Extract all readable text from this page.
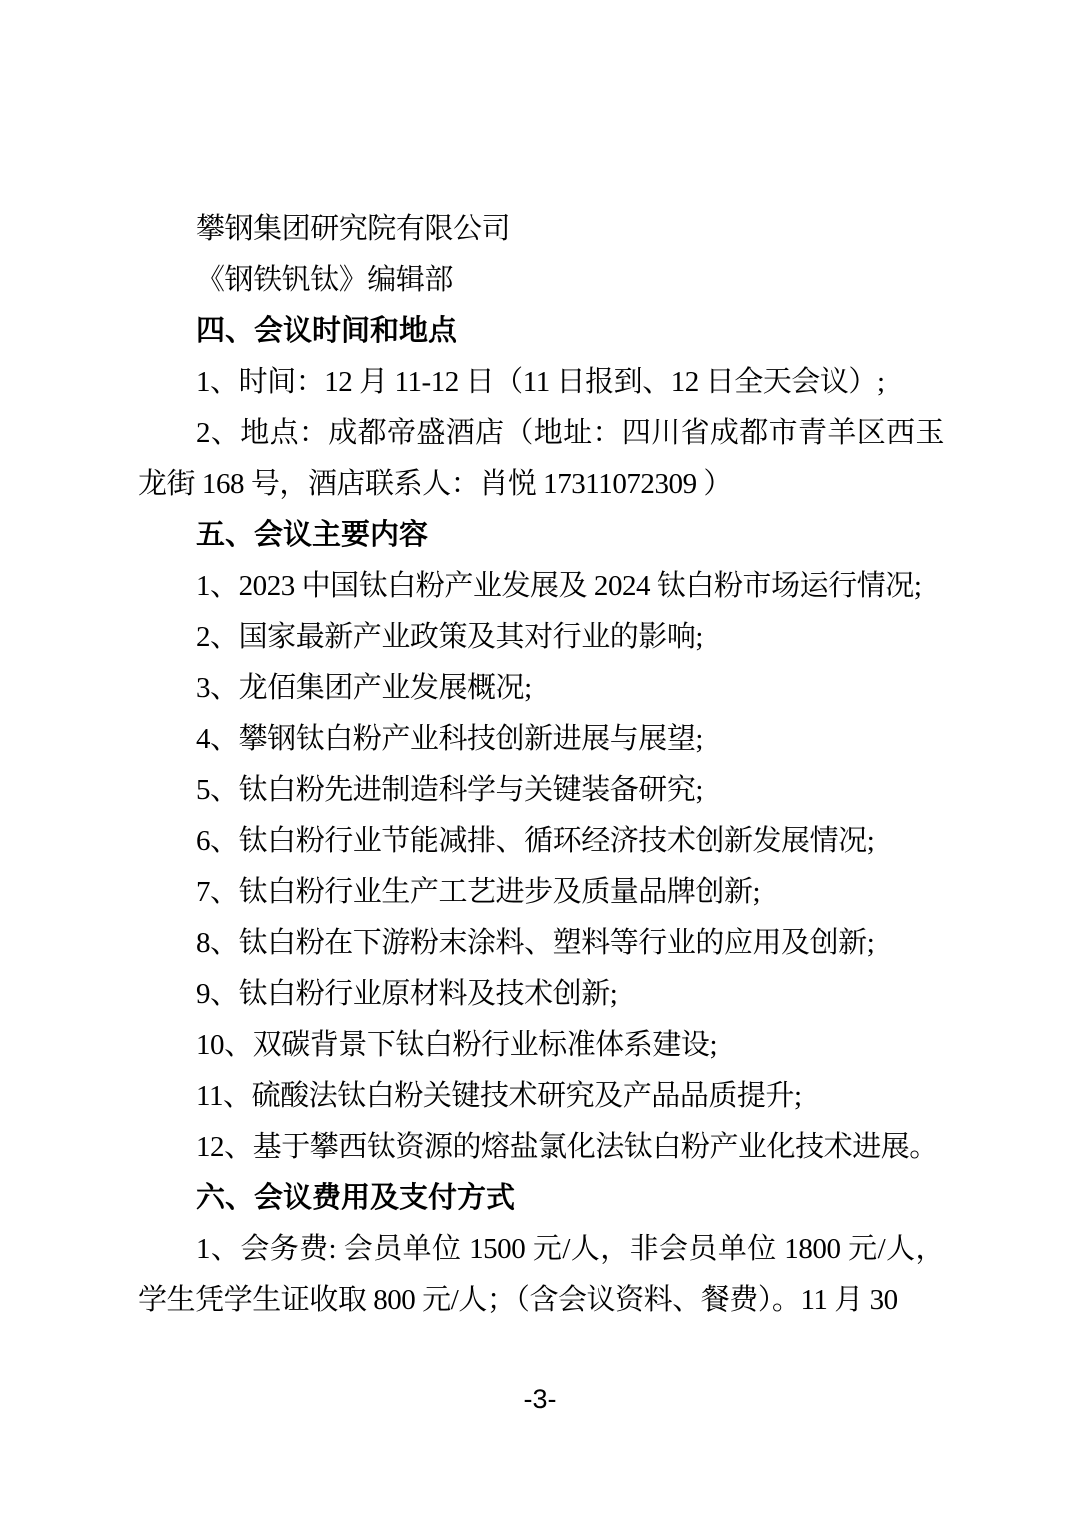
攀钢集团研究院有限公司
《钢铁钒钛》编辑部
四、会议时间和地点
1、时间：12 月 11-12 日（11 日报到、12 日全天会议）;
2、地点：成都帝盛酒店（地址：四川省成都市青羊区西玉龙街 168 号，酒店联系人：肖悦 17311072309 ）
五、会议主要内容
1、2023 中国钛白粉产业发展及 2024 钛白粉市场运行情况;
2、国家最新产业政策及其对行业的影响;
3、龙佰集团产业发展概况;
4、攀钢钛白粉产业科技创新进展与展望;
5、钛白粉先进制造科学与关键装备研究;
6、钛白粉行业节能减排、循环经济技术创新发展情况;
7、钛白粉行业生产工艺进步及质量品牌创新;
8、钛白粉在下游粉末涂料、塑料等行业的应用及创新;
9、钛白粉行业原材料及技术创新;
10、双碳背景下钛白粉行业标准体系建设;
11、硫酸法钛白粉关键技术研究及产品品质提升;
12、基于攀西钛资源的熔盐氯化法钛白粉产业化技术进展。
六、会议费用及支付方式
1、会务费: 会员单位 1500 元/人，非会员单位 1800 元/人，学生凭学生证收取 800 元/人；（含会议资料、餐费）。11 月 30
-3-
